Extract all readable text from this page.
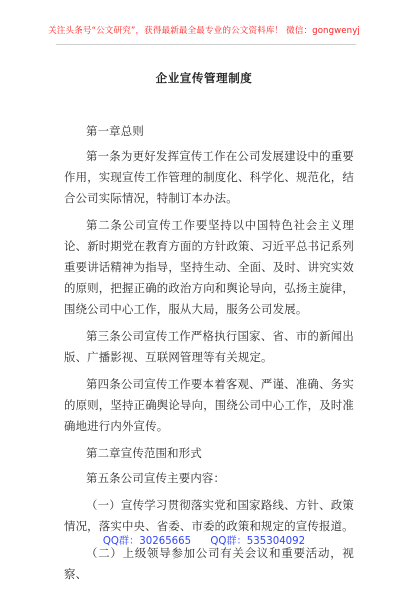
关注头条号“公文研究”，获得最新最全最专业的公文资料库！ 微信：gongwenyj
企业宣传管理制度

第一章总则

第一条为更好发挥宣传工作在公司发展建设中的重要作用，实现宣传工作管理的制度化、科学化、规范化，结合公司实际情况，特制订本办法。

第二条公司宣传工作要坚持以中国特色社会主义理论、新时期党在教育方面的方针政策、习近平总书记系列重要讲话精神为指导，坚持生动、全面、及时、讲究实效的原则，把握正确的政治方向和舆论导向，弘扬主旋律，围绕公司中心工作，服从大局，服务公司发展。

第三条公司宣传工作严格执行国家、省、市的新闻出版、广播影视、互联网管理等有关规定。

第四条公司宣传工作要本着客观、严谨、准确、务实的原则，坚持正确舆论导向，围绕公司中心工作，及时准确地进行内外宣传。

第二章宣传范围和形式

第五条公司宣传主要内容：

（一）宣传学习贯彻落实党和国家路线、方针、政策情况，落实中央、省委、市委的政策和规定的宣传报道。

（二）上级领导参加公司有关会议和重要活动，视察、

QQ群：30265665 QQ群：535304092
